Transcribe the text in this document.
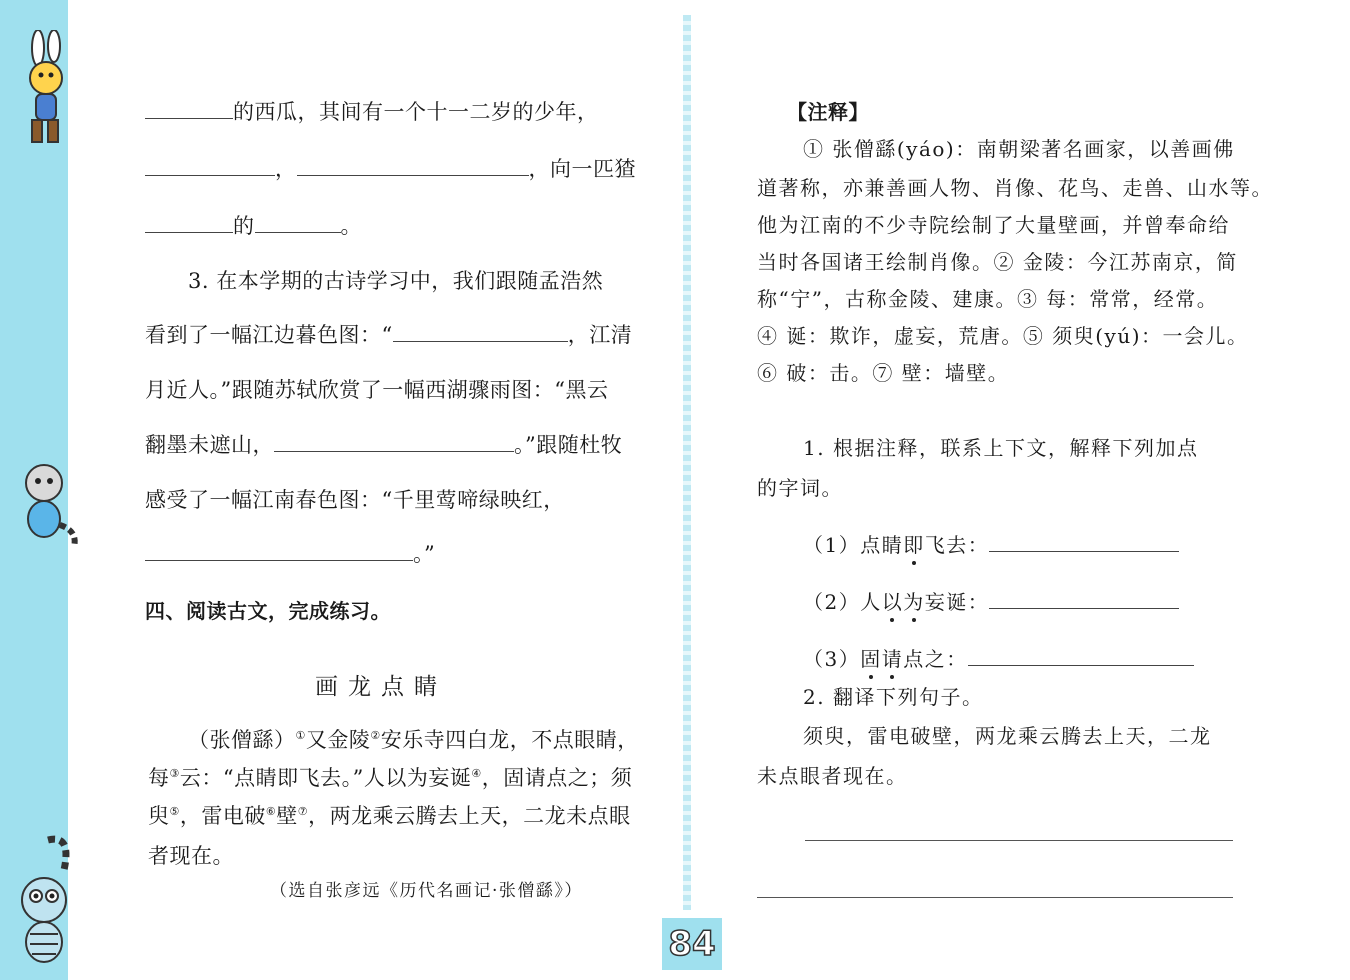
的西瓜，其间有一个十一二岁的少年，
，	，向一匹猹
的	。
3. 在本学期的古诗学习中，我们跟随孟浩然
看到了一幅江边暮色图：“	，江清
月近人。”跟随苏轼欣赏了一幅西湖骤雨图：“黑云
翻墨未遮山，	。”跟随杜牧
感受了一幅江南春色图：“千里莺啼绿映红，
。”
四、阅读古文，完成练习。
画龙点睛
（张僧繇）①又金陵②安乐寺四白龙，不点眼睛，
每③云：“点睛即飞去。”人以为妄诞④，固请点之；须
臾⑤，雷电破⑥壁⑦，两龙乘云腾去上天，二龙未点眼
者现在。
（选自张彦远《历代名画记·张僧繇》）
【注释】
① 张僧繇(yáo)：南朝梁著名画家，以善画佛
道著称，亦兼善画人物、肖像、花鸟、走兽、山水等。
他为江南的不少寺院绘制了大量壁画，并曾奉命给
当时各国诸王绘制肖像。② 金陵：今江苏南京，简
称“宁”，古称金陵、建康。③ 每：常常，经常。
④ 诞：欺诈，虚妄，荒唐。⑤ 须臾(yú)：一会儿。
⑥ 破：击。⑦ 壁：墙壁。
1. 根据注释，联系上下文，解释下列加点
的字词。
（1）点睛即飞去：
（2）人以为妄诞：
（3）固请点之：
2. 翻译下列句子。
须臾，雷电破壁，两龙乘云腾去上天，二龙
未点眼者现在。
84
